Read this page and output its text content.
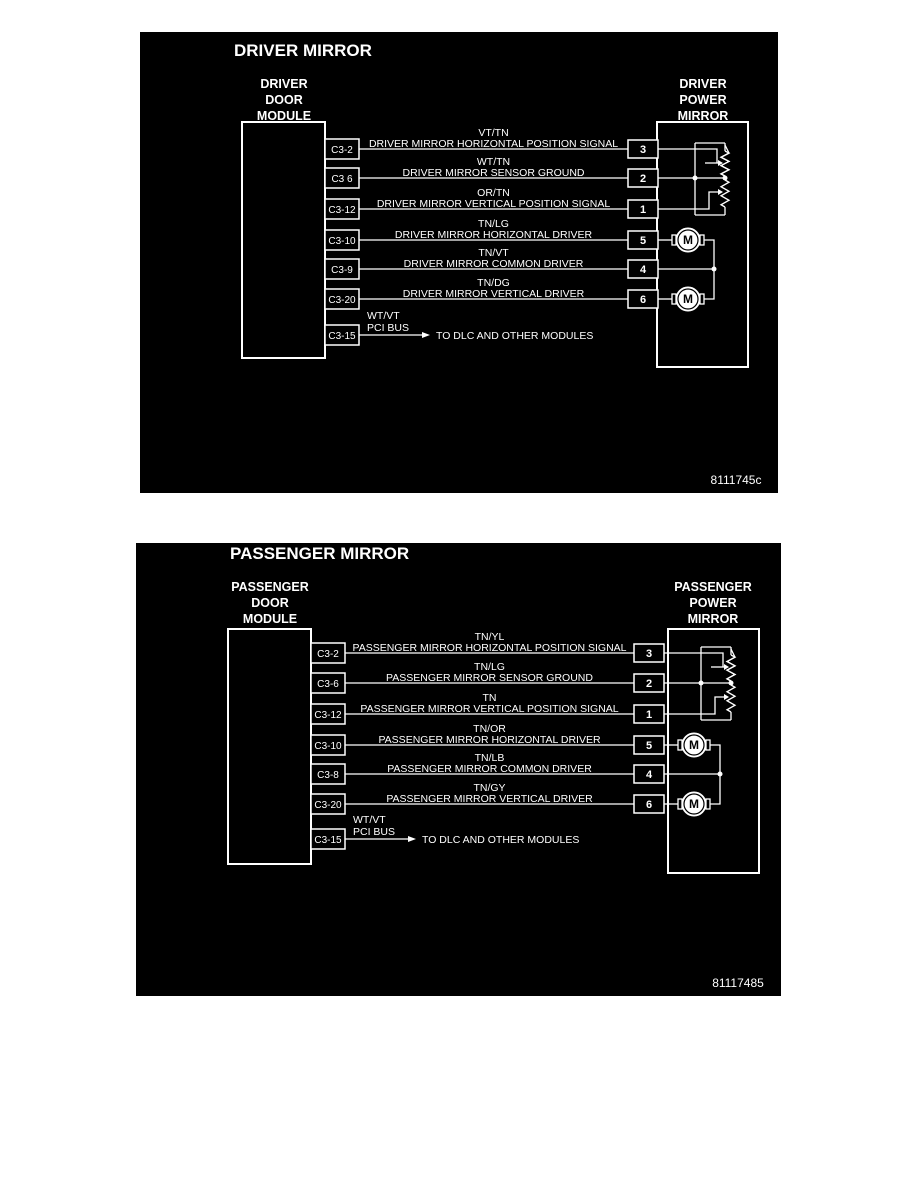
DRIVER MIRROR
DRIVER
DOOR
MODULE
DRIVER
POWER
MIRROR
C3-2
VT/TN
DRIVER MIRROR HORIZONTAL POSITION SIGNAL 3
C3 6
WT/TN
DRIVER MIRROR SENSOR GROUND	2
C3-12
OR/TN
DRIVER MIRROR VERTICAL POSITION SIGNAL	1
C3-10
TN/LG
DRIVER MIRROR HORIZONTAL DRIVER	5
C3-9
TN/VT
DRIVER MIRROR COMMON DRIVER	4
C3-20
TN/DG
DRIVER MIRROR VERTICAL DRIVER	6
C3-15
WT/VT
PCI BUS
TO DLC AND OTHER MODULES
M
M
8111745c
PASSENGER MIRROR
PASSENGER
DOOR
MODULE
PASSENGER
POWER
MIRROR
C3-2
TN/YL
PASSENGER MIRROR HORIZONTAL POSITION SIGNAL 3
C3-6
TN/LG
PASSENGER MIRROR SENSOR GROUND	2
C3-12
TN
PASSENGER MIRROR VERTICAL POSITION SIGNAL 1
C3-10
TN/OR
PASSENGER MIRROR HORIZONTAL DRIVER	5
C3-8
TN/LB
PASSENGER MIRROR COMMON DRIVER	4
C3-20
TN/GY
PASSENGER MIRROR VERTICAL DRIVER	6
C3-15
WT/VT
PCI BUS
TO DLC AND OTHER MODULES
M
M
81117485
